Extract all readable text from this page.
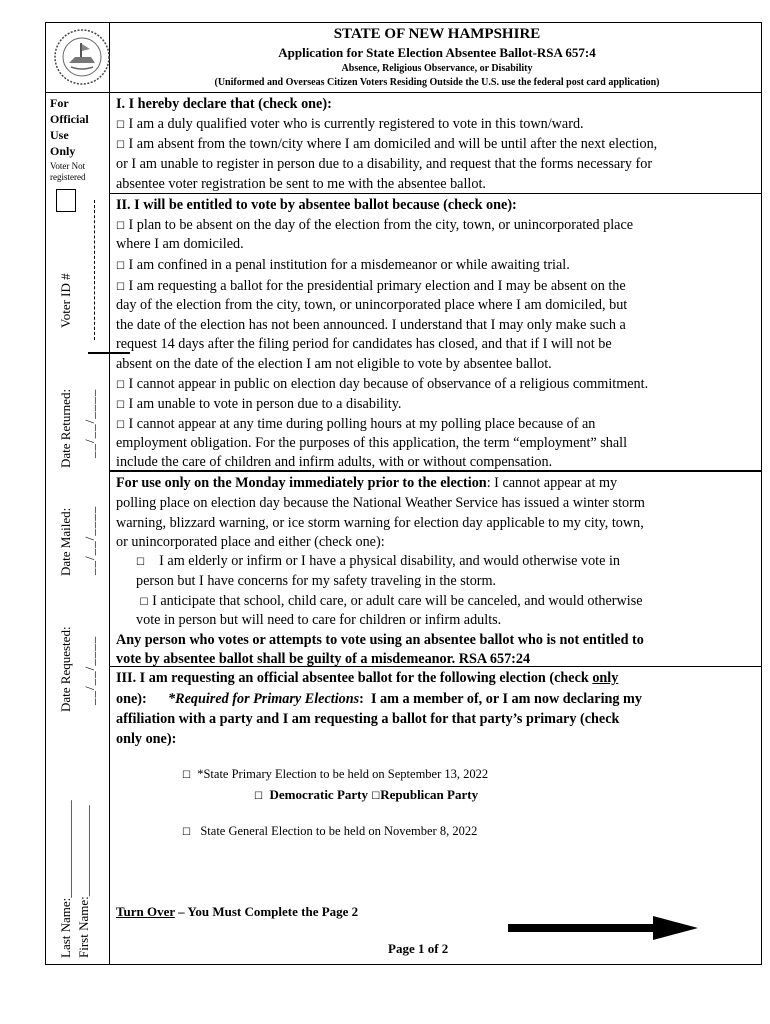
STATE OF NEW HAMPSHIRE
Application for State Election Absentee Ballot-RSA 657:4
Absence, Religious Observance, or Disability
(Uniformed and Overseas Citizen Voters Residing Outside the U.S. use the federal post card application)
For
Official
Use
Only
Voter Not
registered
Voter ID #
Date Returned: __/__/____
Date Mailed: __/__/____
Date Requested: __/__/____
Last Name:_______________ First Name:______________
I. I hereby declare that (check one):
☐ I am a duly qualified voter who is currently registered to vote in this town/ward.
☐ I am absent from the town/city where I am domiciled and will be until after the next election,
or I am unable to register in person due to a disability, and request that the forms necessary for
absentee voter registration be sent to me with the absentee ballot.
II. I will be entitled to vote by absentee ballot because (check one):
☐ I plan to be absent on the day of the election from the city, town, or unincorporated place
where I am domiciled.
☐ I am confined in a penal institution for a misdemeanor or while awaiting trial.
☐ I am requesting a ballot for the presidential primary election and I may be absent on the
day of the election from the city, town, or unincorporated place where I am domiciled, but
the date of the election has not been announced. I understand that I may only make such a
request 14 days after the filing period for candidates has closed, and that if I will not be
absent on the date of the election I am not eligible to vote by absentee ballot.
☐ I cannot appear in public on election day because of observance of a religious commitment.
☐ I am unable to vote in person due to a disability.
☐ I cannot appear at any time during polling hours at my polling place because of an
employment obligation. For the purposes of this application, the term “employment” shall
include the care of children and infirm adults, with or without compensation.
For use only on the Monday immediately prior to the election: I cannot appear at my
polling place on election day because the National Weather Service has issued a winter storm
warning, blizzard warning, or ice storm warning for election day applicable to my city, town,
or unincorporated place and either (check one):
☐ I am elderly or infirm or I have a physical disability, and would otherwise vote in
person but I have concerns for my safety traveling in the storm.
☐ I anticipate that school, child care, or adult care will be canceled, and would otherwise
vote in person but will need to care for children or infirm adults.
Any person who votes or attempts to vote using an absentee ballot who is not entitled to
vote by absentee ballot shall be guilty of a misdemeanor. RSA 657:24
III. I am requesting an official absentee ballot for the following election (check only
one):      *Required for Primary Elections:  I am a member of, or I am now declaring my
affiliation with a party and I am requesting a ballot for that party’s primary (check
only one):
☐ *State Primary Election to be held on September 13, 2022
☐ Democratic Party ☐Republican Party
☐ State General Election to be held on November 8, 2022
Turn Over – You Must Complete the Page 2
Page 1 of 2
